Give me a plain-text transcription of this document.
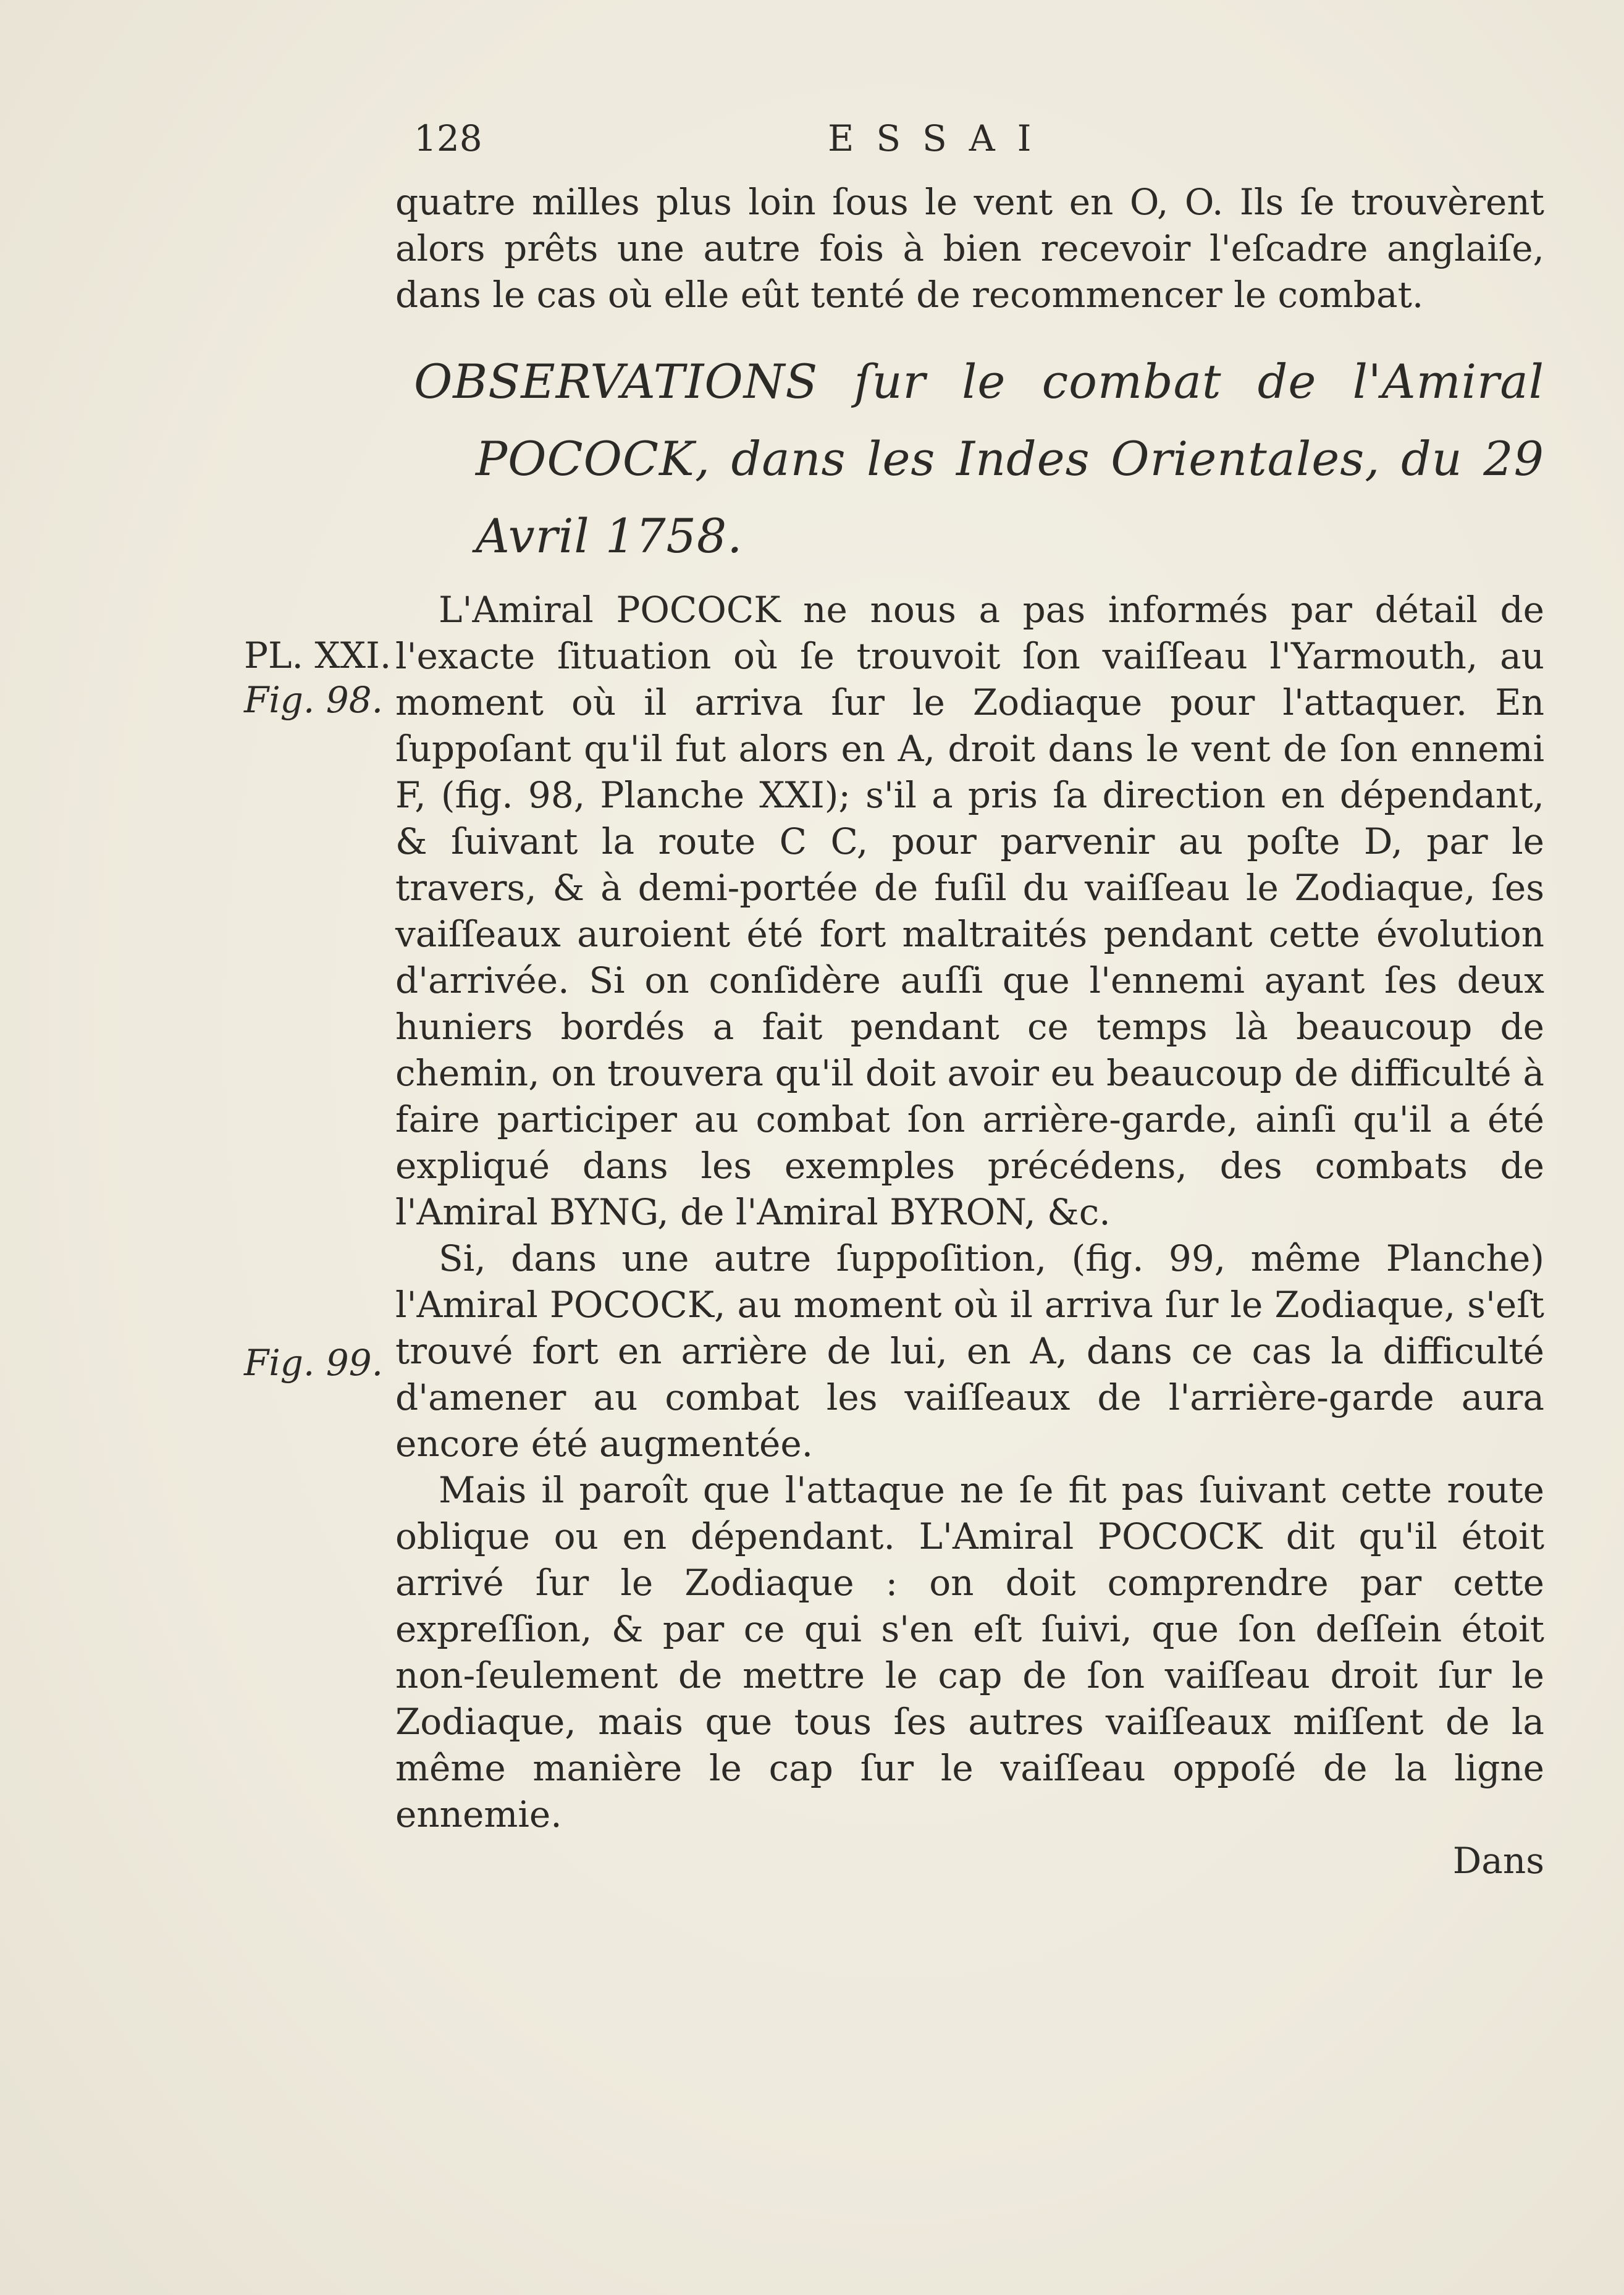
128	ESSAI
PL. XXI.
Fig. 98.
Fig. 99.

quatre milles plus loin ſous le vent en O, O. Ils ſe trouvèrent alors prêts une autre fois à bien recevoir l'eſcadre anglaiſe, dans le cas où elle eût tenté de recommencer le combat.

OBSERVATIONS ſur le combat de l'Amiral POCOCK, dans les Indes Orientales, du 29 Avril 1758.

L'Amiral POCOCK ne nous a pas informés par détail de l'exacte ſituation où ſe trouvoit ſon vaiſſeau l'Yarmouth, au moment où il arriva ſur le Zodiaque pour l'attaquer. En ſuppoſant qu'il fut alors en A, droit dans le vent de ſon ennemi F, (fig. 98, Planche XXI); s'il a pris ſa direction en dépendant, & ſuivant la route C C, pour parvenir au poſte D, par le travers, & à demi-portée de fuſil du vaiſſeau le Zodiaque, ſes vaiſſeaux auroient été fort maltraités pendant cette évolution d'arrivée. Si on conſidère auſſi que l'ennemi ayant ſes deux huniers bordés a fait pendant ce temps là beaucoup de chemin, on trouvera qu'il doit avoir eu beaucoup de difficulté à faire participer au combat ſon arrière-garde, ainſi qu'il a été expliqué dans les exemples précédens, des combats de l'Amiral BYNG, de l'Amiral BYRON, &c.

Si, dans une autre ſuppoſition, (fig. 99, même Planche) l'Amiral POCOCK, au moment où il arriva ſur le Zodiaque, s'eſt trouvé fort en arrière de lui, en A, dans ce cas la difficulté d'amener au combat les vaiſſeaux de l'arrière-garde aura encore été augmentée.

Mais il paroît que l'attaque ne ſe fit pas ſuivant cette route oblique ou en dépendant. L'Amiral POCOCK dit qu'il étoit arrivé ſur le Zodiaque : on doit comprendre par cette expreſſion, & par ce qui s'en eſt ſuivi, que ſon deſſein étoit non-ſeulement de mettre le cap de ſon vaiſſeau droit ſur le Zodiaque, mais que tous ſes autres vaiſſeaux miſſent de la même manière le cap ſur le vaiſſeau oppoſé de la ligne ennemie.

Dans
